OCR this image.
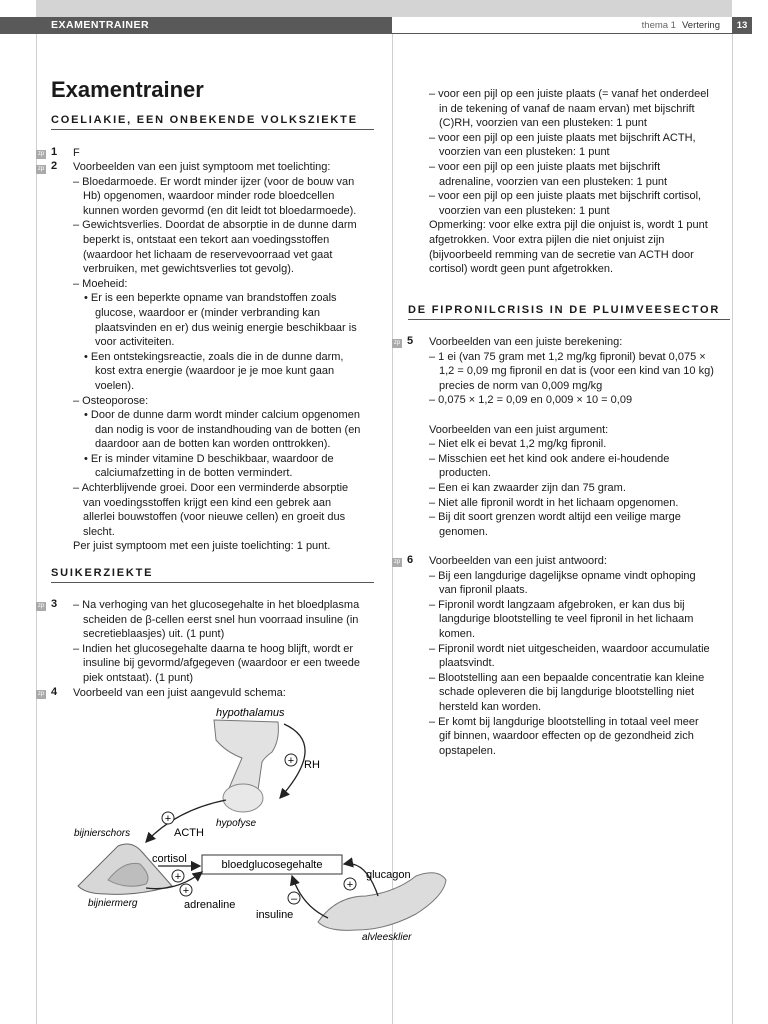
EXAMENTRAINER	thema 1 Vertering	13
Examentrainer
COELIAKIE, EEN ONBEKENDE VOLKSZIEKTE
zp 1 F
zp 2 Voorbeelden van een juist symptoom met toelichting:

– Bloedarmoede. Er wordt minder ijzer (voor de bouw van

Hb) opgenomen, waardoor minder rode bloedcellen

kunnen worden gevormd (en dit leidt tot bloedarmoede).

– Gewichtsverlies. Doordat de absorptie in de dunne darm

beperkt is, ontstaat een tekort aan voedingsstoffen

(waardoor het lichaam de reservevoorraad vet gaat

verbruiken, met gewichtsverlies tot gevolg).

– Moeheid:

• Er is een beperkte opname van brandstoffen zoals

glucose, waardoor er (minder verbranding kan

plaatsvinden en er) dus weinig energie beschikbaar is

voor activiteiten.

• Een ontstekingsreactie, zoals die in de dunne darm,

kost extra energie (waardoor je je moe kunt gaan

voelen).

– Osteoporose:

• Door de dunne darm wordt minder calcium opgenomen

dan nodig is voor de instandhouding van de botten (en

daardoor aan de botten kan worden onttrokken).

• Er is minder vitamine D beschikbaar, waardoor de

calciumafzetting in de botten vermindert.

– Achterblijvende groei. Door een verminderde absorptie

van voedingsstoffen krijgt een kind een gebrek aan

allerlei bouwstoffen (voor nieuwe cellen) en groeit dus

slecht.

Per juist symptoom met een juiste toelichting: 1 punt.

SUIKERZIEKTE
zp 3 – Na verhoging van het glucosegehalte in het bloedplasma

scheiden de β-cellen eerst snel hun voorraad insuline (in

secretieblaasjes) uit. (1 punt)

– Indien het glucosegehalte daarna te hoog blijft, wordt er

insuline bij gevormd/afgegeven (waardoor er een tweede

piek ontstaat). (1 punt)

zp 4 Voorbeeld van een juist aangevuld schema:
hypothalamus
+ RH
hypofyse
+
ACTH
bijnierschors
cortisol
+
bloedglucosegehalte
+
bijniermerg	adrenaline
alvleesklier
+
glucagon
–
insuline

– voor een pijl op een juiste plaats (= vanaf het onderdeel

in de tekening of vanaf de naam ervan) met bijschrift

(C)RH, voorzien van een plusteken: 1 punt

– voor een pijl op een juiste plaats met bijschrift ACTH,

voorzien van een plusteken: 1 punt

– voor een pijl op een juiste plaats met bijschrift

adrenaline, voorzien van een plusteken: 1 punt

– voor een pijl op een juiste plaats met bijschrift cortisol,

voorzien van een plusteken: 1 punt

Opmerking: voor elke extra pijl die onjuist is, wordt 1 punt

afgetrokken. Voor extra pijlen die niet onjuist zijn

(bijvoorbeeld remming van de secretie van ACTH door

cortisol) wordt geen punt afgetrokken.

DE FIPRONILCRISIS IN DE PLUIMVEESECTOR
zp 5 Voorbeelden van een juiste berekening:

– 1 ei (van 75 gram met 1,2 mg/kg fipronil) bevat 0,075 ×

1,2 = 0,09 mg fipronil en dat is (voor een kind van 10 kg)

precies de norm van 0,009 mg/kg

– 0,075 × 1,2 = 0,09 en 0,009 × 10 = 0,09

Voorbeelden van een juist argument:

– Niet elk ei bevat 1,2 mg/kg fipronil.

– Misschien eet het kind ook andere ei-houdende

producten.

– Een ei kan zwaarder zijn dan 75 gram.

– Niet alle fipronil wordt in het lichaam opgenomen.

– Bij dit soort grenzen wordt altijd een veilige marge

genomen.

zp 6 Voorbeelden van een juist antwoord:

– Bij een langdurige dagelijkse opname vindt ophoping

van fipronil plaats.

– Fipronil wordt langzaam afgebroken, er kan dus bij

langdurige blootstelling te veel fipronil in het lichaam

komen.

– Fipronil wordt niet uitgescheiden, waardoor accumulatie

plaatsvindt.

– Blootstelling aan een bepaalde concentratie kan kleine

schade opleveren die bij langdurige blootstelling niet

hersteld kan worden.

– Er komt bij langdurige blootstelling in totaal veel meer

gif binnen, waardoor effecten op de gezondheid zich

opstapelen.
